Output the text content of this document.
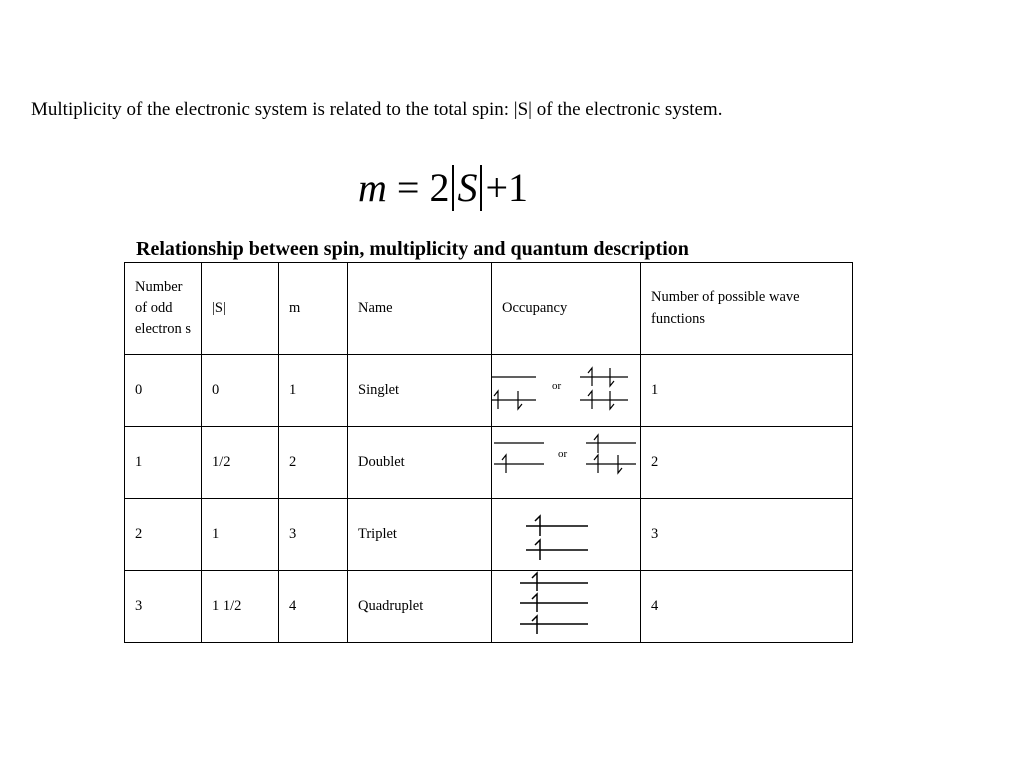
Multiplicity of the electronic system is related to the total spin: |S| of the electronic system.
m = 2 S +1
Relationship between spin, multiplicity and quantum description
Number of odd electron s	|S|	m	Name	Occupancy	Number of possible wave functions
0	0	1	Singlet	or	1
1	1/2	2	Doublet	or	2
2	1	3	Triplet		3
3	1 1/2	4	Quadruplet		4
